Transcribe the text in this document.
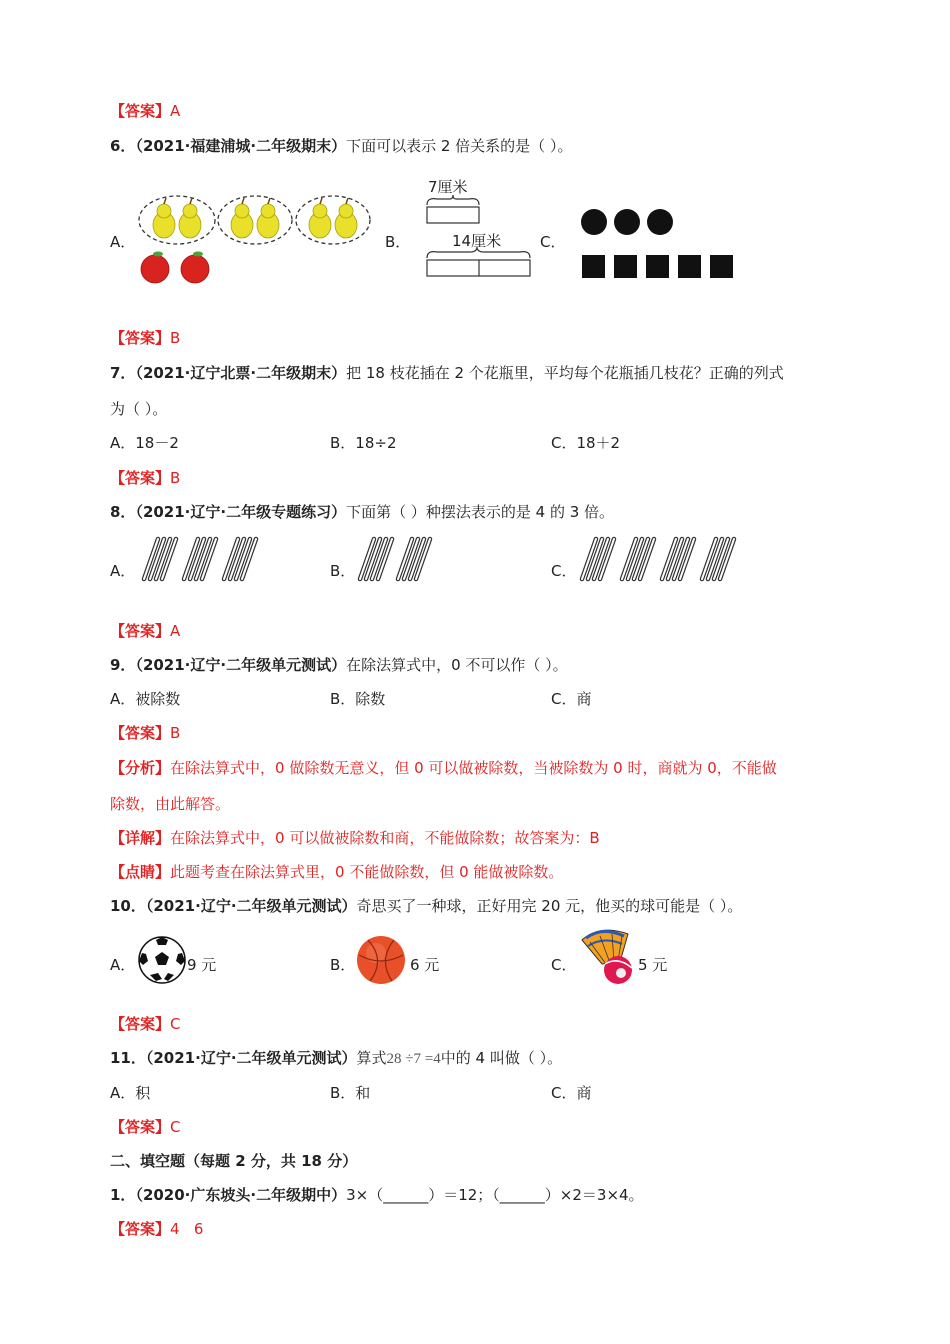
【答案】A
6．（2021·福建浦城·二年级期末）下面可以表示 2 倍关系的是（ ）。
A．	B．
7厘米
14厘米	C．
【答案】B
7．（2021·辽宁北票·二年级期末）把 18 枝花插在 2 个花瓶里，平均每个花瓶插几枝花？正确的列式
为（ ）。
A．18－2	B．18÷2	C．18＋2
【答案】B
8．（2021·辽宁·二年级专题练习）下面第（ ）种摆法表示的是 4 的 3 倍。
A．	B．	C．
【答案】A
9．（2021·辽宁·二年级单元测试）在除法算式中，0 不可以作（ ）。
A．被除数	B．除数	C．商
【答案】B
【分析】在除法算式中，0 做除数无意义，但 0 可以做被除数，当被除数为 0 时，商就为 0，不能做
除数，由此解答。
【详解】在除法算式中，0 可以做被除数和商，不能做除数；故答案为：B
【点睛】此题考查在除法算式里，0 不能做除数，但 0 能做被除数。
10．（2021·辽宁·二年级单元测试）奇思买了一种球，正好用完 20 元，他买的球可能是（ ）。
A．	9 元	B．	6 元	C．	5 元
【答案】C
11．（2021·辽宁·二年级单元测试）算式28 ÷7 =4中的 4 叫做（ ）。
A．积	B．和	C．商
【答案】C
二、填空题（每题 2 分，共 18 分）
1．（2020·广东坡头·二年级期中）3×（______）＝12；（______）×2＝3×4。
【答案】4   6
